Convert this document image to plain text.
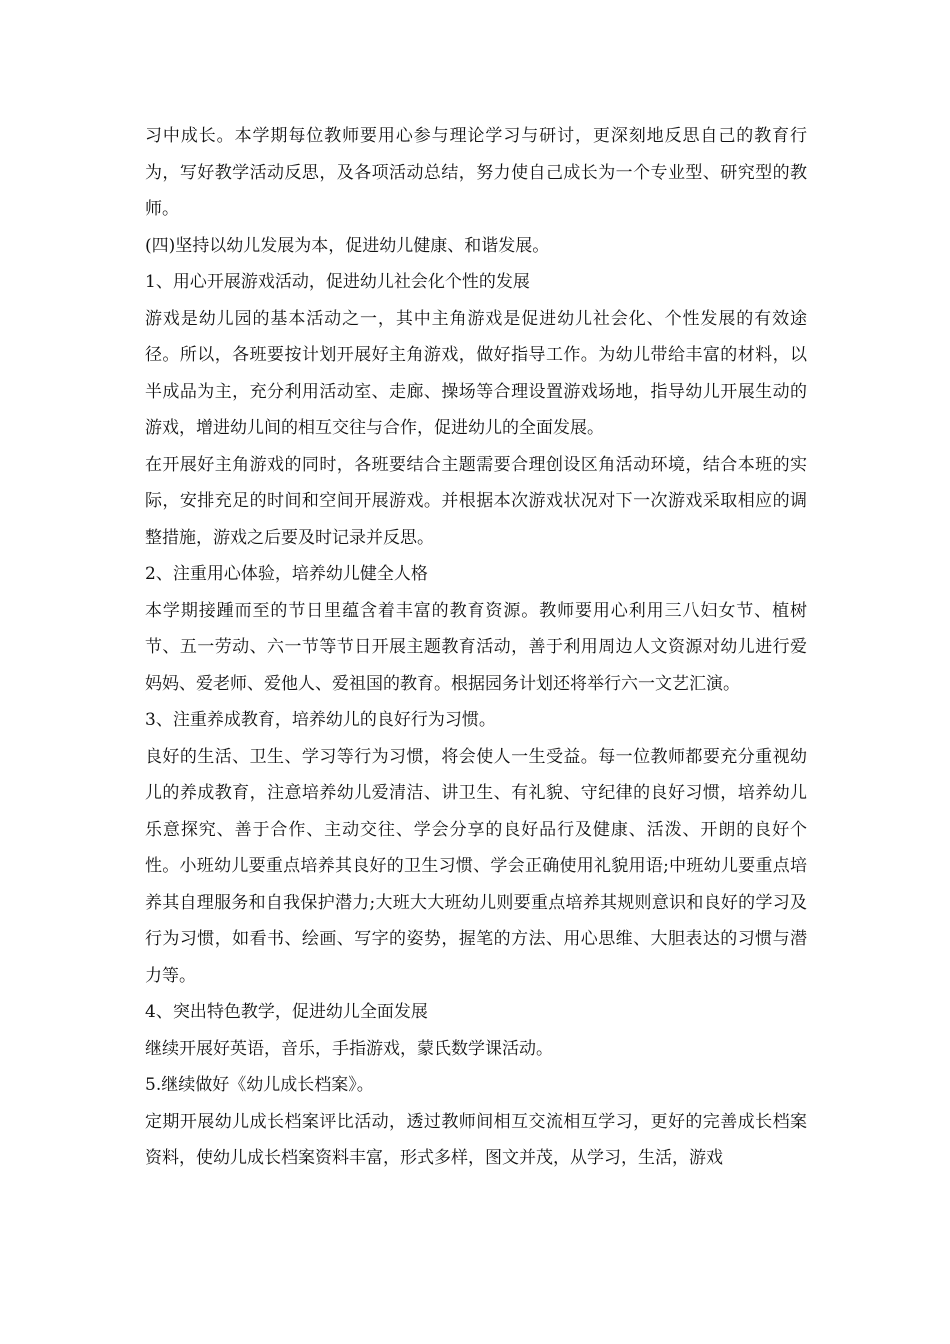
习中成长。本学期每位教师要用心参与理论学习与研讨，更深刻地反思自己的教育行为，写好教学活动反思，及各项活动总结，努力使自己成长为一个专业型、研究型的教师。

(四)坚持以幼儿发展为本，促进幼儿健康、和谐发展。

1、用心开展游戏活动，促进幼儿社会化个性的发展

游戏是幼儿园的基本活动之一，其中主角游戏是促进幼儿社会化、个性发展的有效途径。所以，各班要按计划开展好主角游戏，做好指导工作。为幼儿带给丰富的材料，以半成品为主，充分利用活动室、走廊、操场等合理设置游戏场地，指导幼儿开展生动的游戏，增进幼儿间的相互交往与合作，促进幼儿的全面发展。

在开展好主角游戏的同时，各班要结合主题需要合理创设区角活动环境，结合本班的实际，安排充足的时间和空间开展游戏。并根据本次游戏状况对下一次游戏采取相应的调整措施，游戏之后要及时记录并反思。

2、注重用心体验，培养幼儿健全人格

本学期接踵而至的节日里蕴含着丰富的教育资源。教师要用心利用三八妇女节、植树节、五一劳动、六一节等节日开展主题教育活动，善于利用周边人文资源对幼儿进行爱妈妈、爱老师、爱他人、爱祖国的教育。根据园务计划还将举行六一文艺汇演。

3、注重养成教育，培养幼儿的良好行为习惯。

良好的生活、卫生、学习等行为习惯，将会使人一生受益。每一位教师都要充分重视幼儿的养成教育，注意培养幼儿爱清洁、讲卫生、有礼貌、守纪律的良好习惯，培养幼儿乐意探究、善于合作、主动交往、学会分享的良好品行及健康、活泼、开朗的良好个性。小班幼儿要重点培养其良好的卫生习惯、学会正确使用礼貌用语;中班幼儿要重点培养其自理服务和自我保护潜力;大班大大班幼儿则要重点培养其规则意识和良好的学习及行为习惯，如看书、绘画、写字的姿势，握笔的方法、用心思维、大胆表达的习惯与潜力等。

4、突出特色教学，促进幼儿全面发展

继续开展好英语，音乐，手指游戏，蒙氏数学课活动。

5.继续做好《幼儿成长档案》。

定期开展幼儿成长档案评比活动，透过教师间相互交流相互学习，更好的完善成长档案资料，使幼儿成长档案资料丰富，形式多样，图文并茂，从学习，生活，游戏
